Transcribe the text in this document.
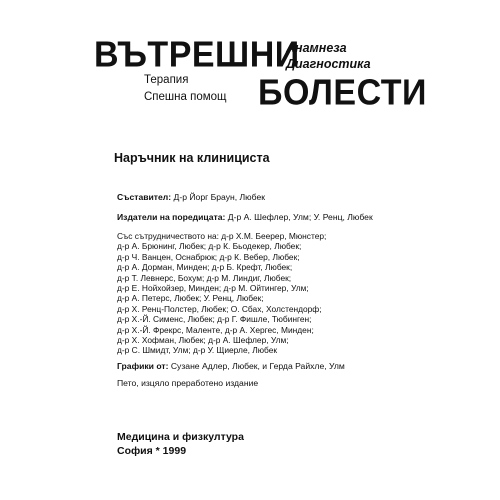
ВЪТРЕШНИ
Анамнеза
Диагностика
Терапия
Спешна помощ БОЛЕСТИ
Наръчник на клинициста
Съставител: Д-р Йорг Браун, Любек
Издатели на поредицата: Д-р А. Шефлер, Улм; У. Ренц, Любек
Със сътрудничеството на: д-р Х.М. Беерер, Мюнстер;
д-р А. Брюнинг, Любек; д-р К. Бьодекер, Любек;
д-р Ч. Ванцен, Оснабрюк; д-р К. Вебер, Любек;
д-р А. Дорман, Минден; д-р Б. Крефт, Любек;
д-р Т. Левнерс, Бохум; д-р М. Линдиг, Любек;
д-р Е. Нойхойзер, Минден; д-р М. Ойтингер, Улм;
д-р А. Петерс, Любек; У. Ренц, Любек;
д-р Х. Ренц-Полстер, Любек; О. Сбах, Холстендорф;
д-р Х.-Й. Сименс, Любек; д-р Г. Фишле, Тюбинген;
д-р Х.-Й. Фрекрс, Маленте, д-р А. Хергес, Минден;
д-р Х. Хофман, Любек; д-р А. Шефлер, Улм;
д-р С. Шмидт, Улм; д-р У. Щиерле, Любек
Графики от: Сузане Адлер, Любек, и Герда Райхле, Улм
Пето, изцяло преработено издание
Медицина и физкултура
София * 1999
